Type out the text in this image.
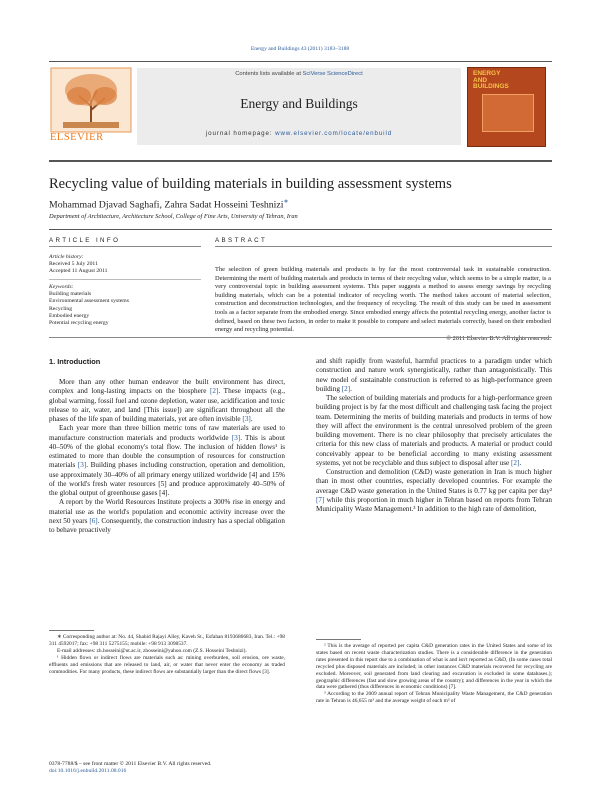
Energy and Buildings 43 (2011) 3183–3188
ELSEVIER
Contents lists available at SciVerse ScienceDirect
Energy and Buildings
journal homepage: www.elsevier.com/locate/enbuild
ENERGY
AND
BUILDINGS
Recycling value of building materials in building assessment systems
Mohammad Djavad Saghafi, Zahra Sadat Hosseini Teshnizi∗
Department of Architecture, Architecture School, College of Fine Arts, University of Tehran, Iran
ARTICLE INFO	ABSTRACT
Article history:
Received 5 July 2011
Accepted 11 August 2011
Keywords:
Building materials
Environmental assessment systems
Recycling
Embodied energy
Potential recycling energy
The selection of green building materials and products is by far the most controversial task in sustainable construction. Determining the merit of building materials and products in terms of their recycling value, which seems to be a simple matter, is a very controversial topic in building assessment systems. This paper suggests a method to assess energy savings by recycling building materials, which can be a potential indicator of recycling worth. The method takes account of material selection, construction and deconstruction technologies, and the frequency of recycling. The result of this study can be used in assessment tools as a factor separate from the embodied energy. Since embodied energy affects the potential recycling energy, another factor is defined, based on these two factors, in order to make it possible to compare and select materials correctly, based on their embodied energy and recycling potential.
© 2011 Elsevier B.V. All rights reserved.
1. Introduction

More than any other human endeavor the built environment has direct, complex and long-lasting impacts on the biosphere [2]. These impacts (e.g., global warming, fossil fuel and ozone depletion, water use, acidification and toxic release to air, water, and land [This issue]) are significant throughout all the phases of the life span of building materials, yet are often invisible [3].

Each year more than three billion metric tons of raw materials are used to manufacture construction materials and products worldwide [3]. This is about 40–50% of the global economy's total flow. The inclusion of hidden flows¹ is estimated to more than double the consumption of resources for construction materials [3]. Building phases including construction, operation and demolition, use approximately 30–40% of all primary energy utilized worldwide [4] and 15% of the world's fresh water resources [5] and produce approximately 40–50% of the global output of greenhouse gases [4].

A report by the World Resources Institute projects a 300% rise in energy and material use as the world's population and economic activity increase over the next 50 years [6]. Consequently, the construction industry has a special obligation to behave proactively

and shift rapidly from wasteful, harmful practices to a paradigm under which construction and nature work synergistically, rather than antagonistically. This new model of sustainable construction is referred to as high-performance green building [2].

The selection of building materials and products for a high-performance green building project is by far the most difficult and challenging task facing the project team. Determining the merits of building materials and products in terms of how they will affect the environment is the central unresolved problem of the green building movement. There is no clear philosophy that precisely articulates the criteria for this new class of materials and products. A material or product could conceivably appear to be beneficial according to many existing assessment systems, yet not be recyclable and thus subject to disposal after use [2].

Construction and demolition (C&D) waste generation in Iran is much higher than in most other countries, especially developed countries. For example the average C&D waste generation in the United States is 0.77 kg per capita per day² [7] while this proportion in much higher in Tehran based on reports from Tehran Municipality Waste Management.³ In addition to the high rate of demolition,

∗ Corresponding author at: No. 44, Shahid Rajayi Alley, Kaveh St., Esfahan 8193686683, Iran. Tel.: +98 311 4592017; fax: +98 311 5275155; mobile: +98 913 3098537.

E-mail addresses: zh.hosseini@ut.ac.ir, zhosseini@yahoo.com (Z.S. Hosseini Teshnizi).

¹ Hidden flows or indirect flows are materials such as: mining overburden, soil erosion, ore waste, effluents and emissions that are released to land, air, or water that never enter the economy as traded commodities. For many products, these indirect flows are substantially larger than the direct flows [3].

² This is the average of reported per capita C&D generation rates in the United States and some of its states based on recent waste characterization studies. There is a considerable difference in the generation rates presented in this report due to a combination of what is and isn't reported as C&D, (In some cases total recycled plus disposed materials are included; in other instances C&D materials recovered for recycling are excluded. Moreover, soil generated from land clearing and excavation is excluded in some databases.); geographic differences (fast and slow growing areas of the country); and differences in the year in which the data were gathered (thus differences in economic conditions) [7].

³ According to the 2009 annual report of Tehran Municipality Waste Management, the C&D generation rate in Tehran is 46,655 m³ and the average weight of each m³ of

0378-7788/$ – see front matter © 2011 Elsevier B.V. All rights reserved.
doi:10.1016/j.enbuild.2011.08.016
